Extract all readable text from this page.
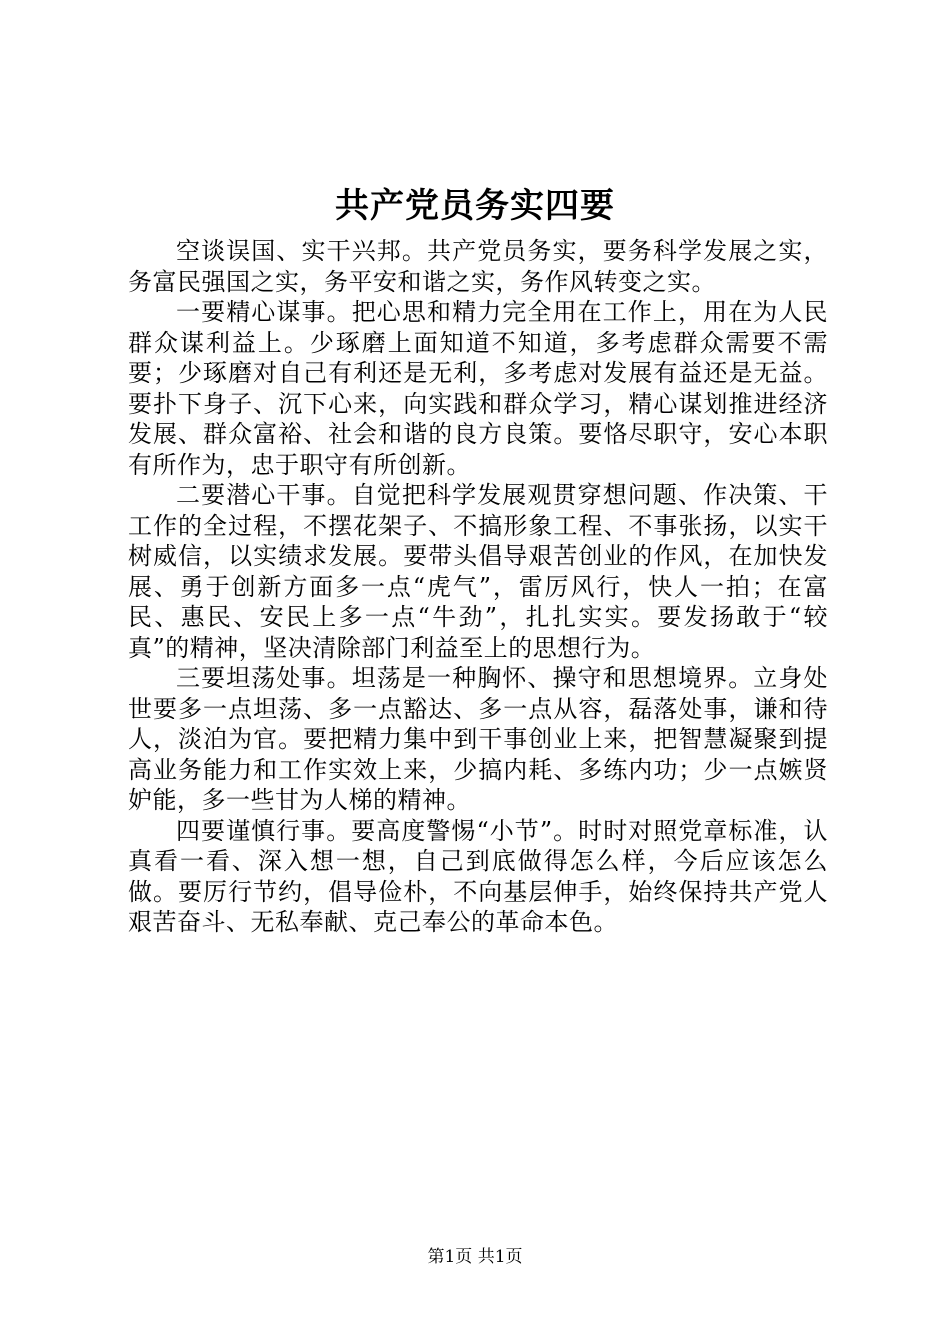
共产党员务实四要

空谈误国、实干兴邦。共产党员务实，要务科学发展之实，务富民强国之实，务平安和谐之实，务作风转变之实。

一要精心谋事。把心思和精力完全用在工作上，用在为人民群众谋利益上。少琢磨上面知道不知道，多考虑群众需要不需要；少琢磨对自己有利还是无利，多考虑对发展有益还是无益。要扑下身子、沉下心来，向实践和群众学习，精心谋划推进经济发展、群众富裕、社会和谐的良方良策。要恪尽职守，安心本职有所作为，忠于职守有所创新。

二要潜心干事。自觉把科学发展观贯穿想问题、作决策、干工作的全过程，不摆花架子、不搞形象工程、不事张扬，以实干树威信，以实绩求发展。要带头倡导艰苦创业的作风，在加快发展、勇于创新方面多一点“虎气”，雷厉风行，快人一拍；在富民、惠民、安民上多一点“牛劲”，扎扎实实。要发扬敢于“较真”的精神，坚决清除部门利益至上的思想行为。

三要坦荡处事。坦荡是一种胸怀、操守和思想境界。立身处世要多一点坦荡、多一点豁达、多一点从容，磊落处事，谦和待人，淡泊为官。要把精力集中到干事创业上来，把智慧凝聚到提高业务能力和工作实效上来，少搞内耗、多练内功；少一点嫉贤妒能，多一些甘为人梯的精神。

四要谨慎行事。要高度警惕“小节”。时时对照党章标准，认真看一看、深入想一想，自己到底做得怎么样，今后应该怎么做。要厉行节约，倡导俭朴，不向基层伸手，始终保持共产党人艰苦奋斗、无私奉献、克己奉公的革命本色。

第1页 共1页
